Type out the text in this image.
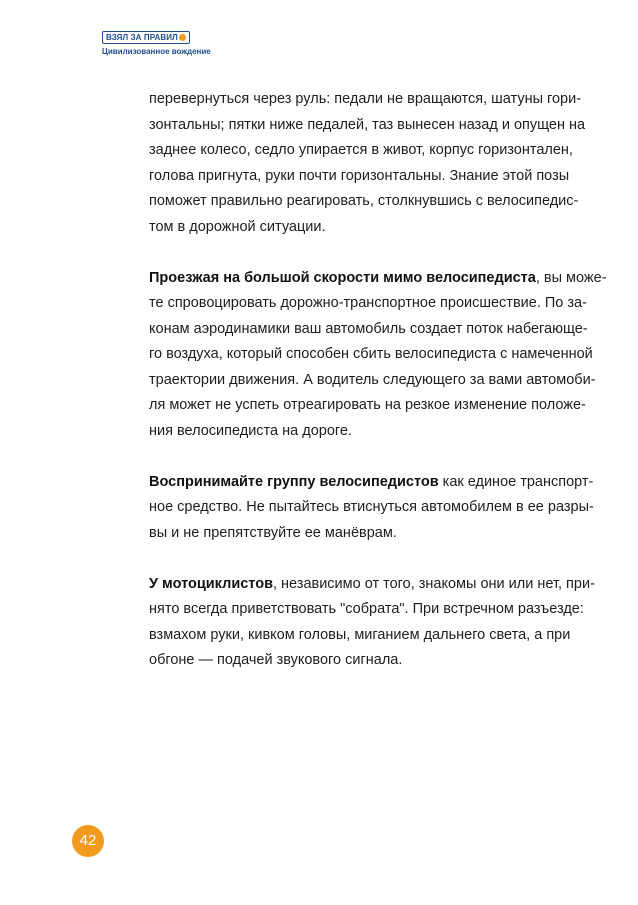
ВЗЯЛ ЗА ПРАВИЛ
Цивилизованное вождение
перевернуться через руль: педали не вращаются, шатуны гори-
зонтальны; пятки ниже педалей, таз вынесен назад и опущен на
заднее колесо, седло упирается в живот, корпус горизонтален,
голова пригнута, руки почти горизонтальны. Знание этой позы
поможет правильно реагировать, столкнувшись с велосипедис-
том в дорожной ситуации.
Проезжая на большой скорости мимо велосипедиста, вы може-
те спровоцировать дорожно-транспортное происшествие. По за-
конам аэродинамики ваш автомобиль создает поток набегающе-
го воздуха, который способен сбить велосипедиста с намеченной
траектории движения. А водитель следующего за вами автомоби-
ля может не успеть отреагировать на резкое изменение положе-
ния велосипедиста на дороге.
Воспринимайте группу велосипедистов как единое транспорт-
ное средство. Не пытайтесь втиснуться автомобилем в ее разры-
вы и не препятствуйте ее манёврам.
У мотоциклистов, независимо от того, знакомы они или нет, при-
нято всегда приветствовать "собрата". При встречном разъезде:
взмахом руки, кивком головы, миганием дальнего света, а при
обгоне — подачей звукового сигнала.
42
